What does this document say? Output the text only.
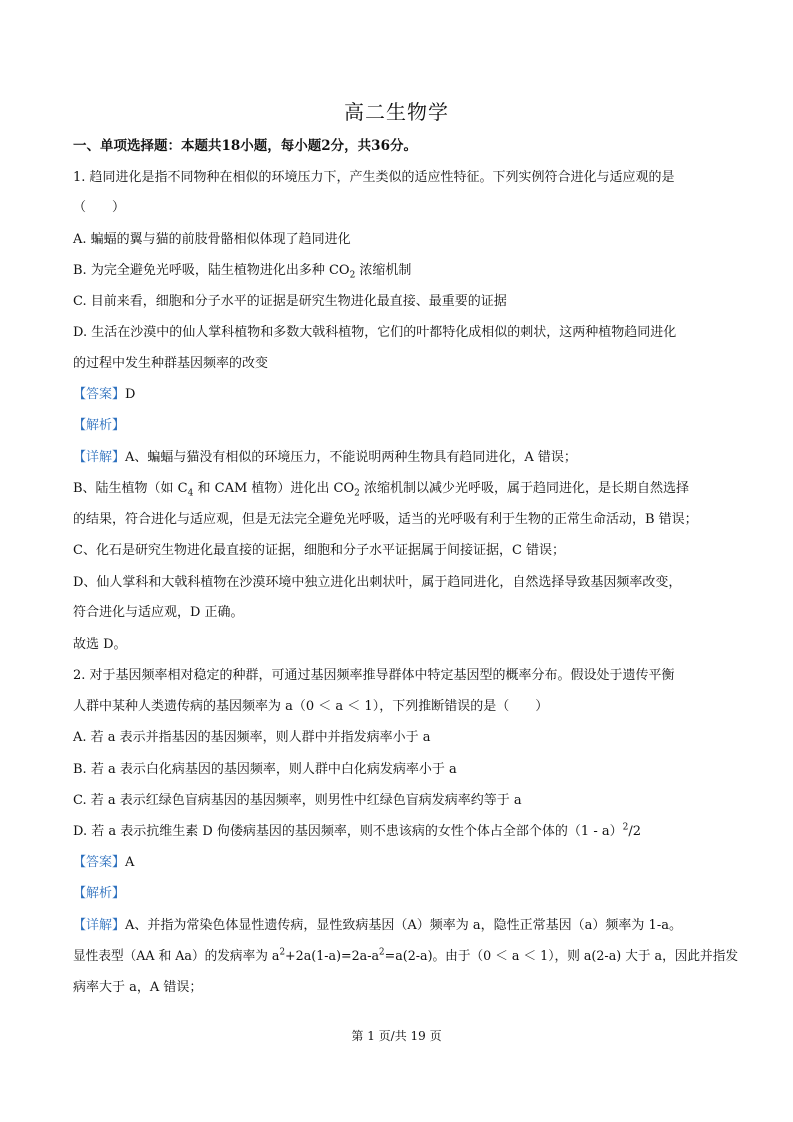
高二生物学
一、单项选择题：本题共18小题，每小题2分，共36分。
1. 趋同进化是指不同物种在相似的环境压力下，产生类似的适应性特征。下列实例符合进化与适应观的是
（　　）
A. 蝙蝠的翼与猫的前肢骨骼相似体现了趋同进化
B. 为完全避免光呼吸，陆生植物进化出多种 $CO_2$ 浓缩机制
C. 目前来看，细胞和分子水平的证据是研究生物进化最直接、最重要的证据
D. 生活在沙漠中的仙人掌科植物和多数大戟科植物，它们的叶都特化成相似的刺状，这两种植物趋同进化
的过程中发生种群基因频率的改变
【答案】D
【解析】
【详解】A、蝙蝠与猫没有相似的环境压力，不能说明两种生物具有趋同进化，A 错误；
B、陆生植物（如 $C_4$ 和 CAM 植物）进化出 $CO_2$ 浓缩机制以减少光呼吸，属于趋同进化，是长期自然选择
的结果，符合进化与适应观，但是无法完全避免光呼吸，适当的光呼吸有利于生物的正常生命活动，B 错误；
C、化石是研究生物进化最直接的证据，细胞和分子水平证据属于间接证据，C 错误；
D、仙人掌科和大戟科植物在沙漠环境中独立进化出刺状叶，属于趋同进化，自然选择导致基因频率改变，
符合进化与适应观，D 正确。
故选 D。
2. 对于基因频率相对稳定的种群，可通过基因频率推导群体中特定基因型的概率分布。假设处于遗传平衡
人群中某种人类遗传病的基因频率为 a（0 ＜ a ＜ 1），下列推断错误的是（　　）
A. 若 a 表示并指基因的基因频率，则人群中并指发病率小于 a
B. 若 a 表示白化病基因的基因频率，则人群中白化病发病率小于 a
C. 若 a 表示红绿色盲病基因的基因频率，则男性中红绿色盲病发病率约等于 a
D. 若 a 表示抗维生素 D 佝偻病基因的基因频率，则不患该病的女性个体占全部个体的（1 - a）$^2$/2
【答案】A
【解析】
【详解】A、并指为常染色体显性遗传病，显性致病基因（A）频率为 a，隐性正常基因（a）频率为 1-a。
显性表型（AA 和 Aa）的发病率为 $a^2+2a(1-a)=2a-a^2=a(2-a)$。由于（0 ＜ a ＜ 1），则 a(2-a) 大于 a，因此并指发
病率大于 a，A 错误；
第 1 页/共 19 页
